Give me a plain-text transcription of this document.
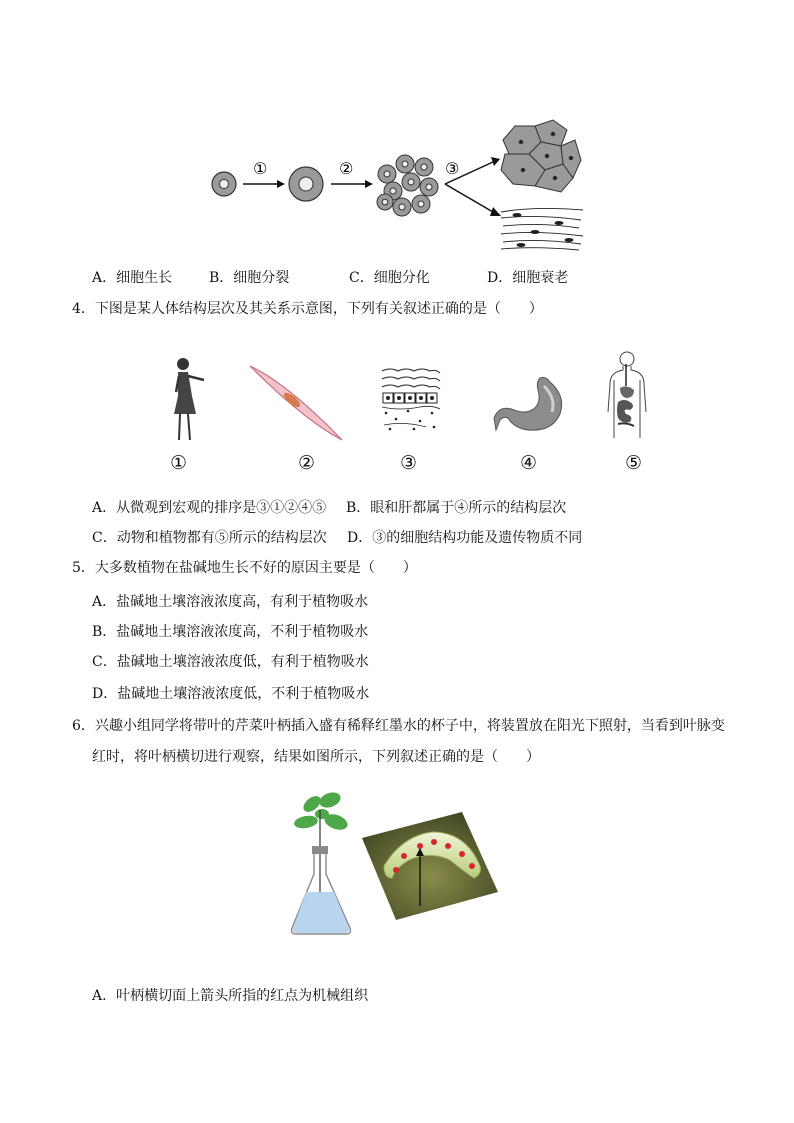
①	②	③
A．细胞生长	B．细胞分裂	C．细胞分化	D．细胞衰老
4．下图是某人体结构层次及其关系示意图，下列有关叙述正确的是（　　）
①	②	③	④	⑤
A．从微观到宏观的排序是③①②④⑤ B．眼和肝都属于④所示的结构层次
C．动物和植物都有⑤所示的结构层次 D．③的细胞结构功能及遗传物质不同
5．大多数植物在盐碱地生长不好的原因主要是（　　）
A．盐碱地土壤溶液浓度高，有利于植物吸水
B．盐碱地土壤溶液浓度高，不利于植物吸水
C．盐碱地土壤溶液浓度低，有利于植物吸水
D．盐碱地土壤溶液浓度低，不利于植物吸水
6．兴趣小组同学将带叶的芹菜叶柄插入盛有稀释红墨水的杯子中，将装置放在阳光下照射，当看到叶脉变
红时，将叶柄横切进行观察，结果如图所示，下列叙述正确的是（　　）
A．叶柄横切面上箭头所指的红点为机械组织
